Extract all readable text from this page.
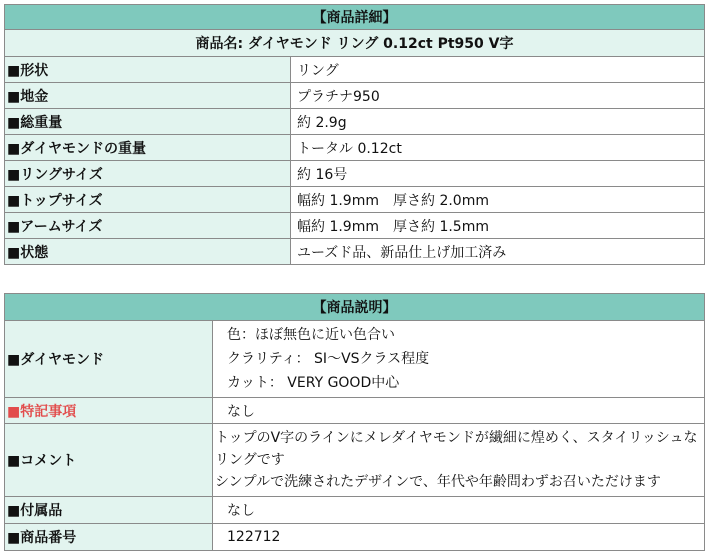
【商品詳細】	
商品名: ダイヤモンド リング 0.12ct Pt950 V字	
■形状	リング
■地金	プラチナ950
■総重量	約 2.9g
■ダイヤモンドの重量	トータル 0.12ct
■リングサイズ	約 16号
■トップサイズ	幅約 1.9mm　厚さ約 2.0mm
■アームサイズ	幅約 1.9mm　厚さ約 1.5mm
■状態	ユーズド品、新品仕上げ加工済み
【商品説明】	
■ダイヤモンド	色：ほぼ無色に近い色合い
クラリティ： SI〜VSクラス程度
カット： VERY GOOD中心

■特記事項	なし
■コメント	トップのV字のラインにメレダイヤモンドが繊細に煌めく、スタイリッシュな
リングです
シンプルで洗練されたデザインで、年代や年齢問わずお召いただけます

■付属品	なし
■商品番号	122712
